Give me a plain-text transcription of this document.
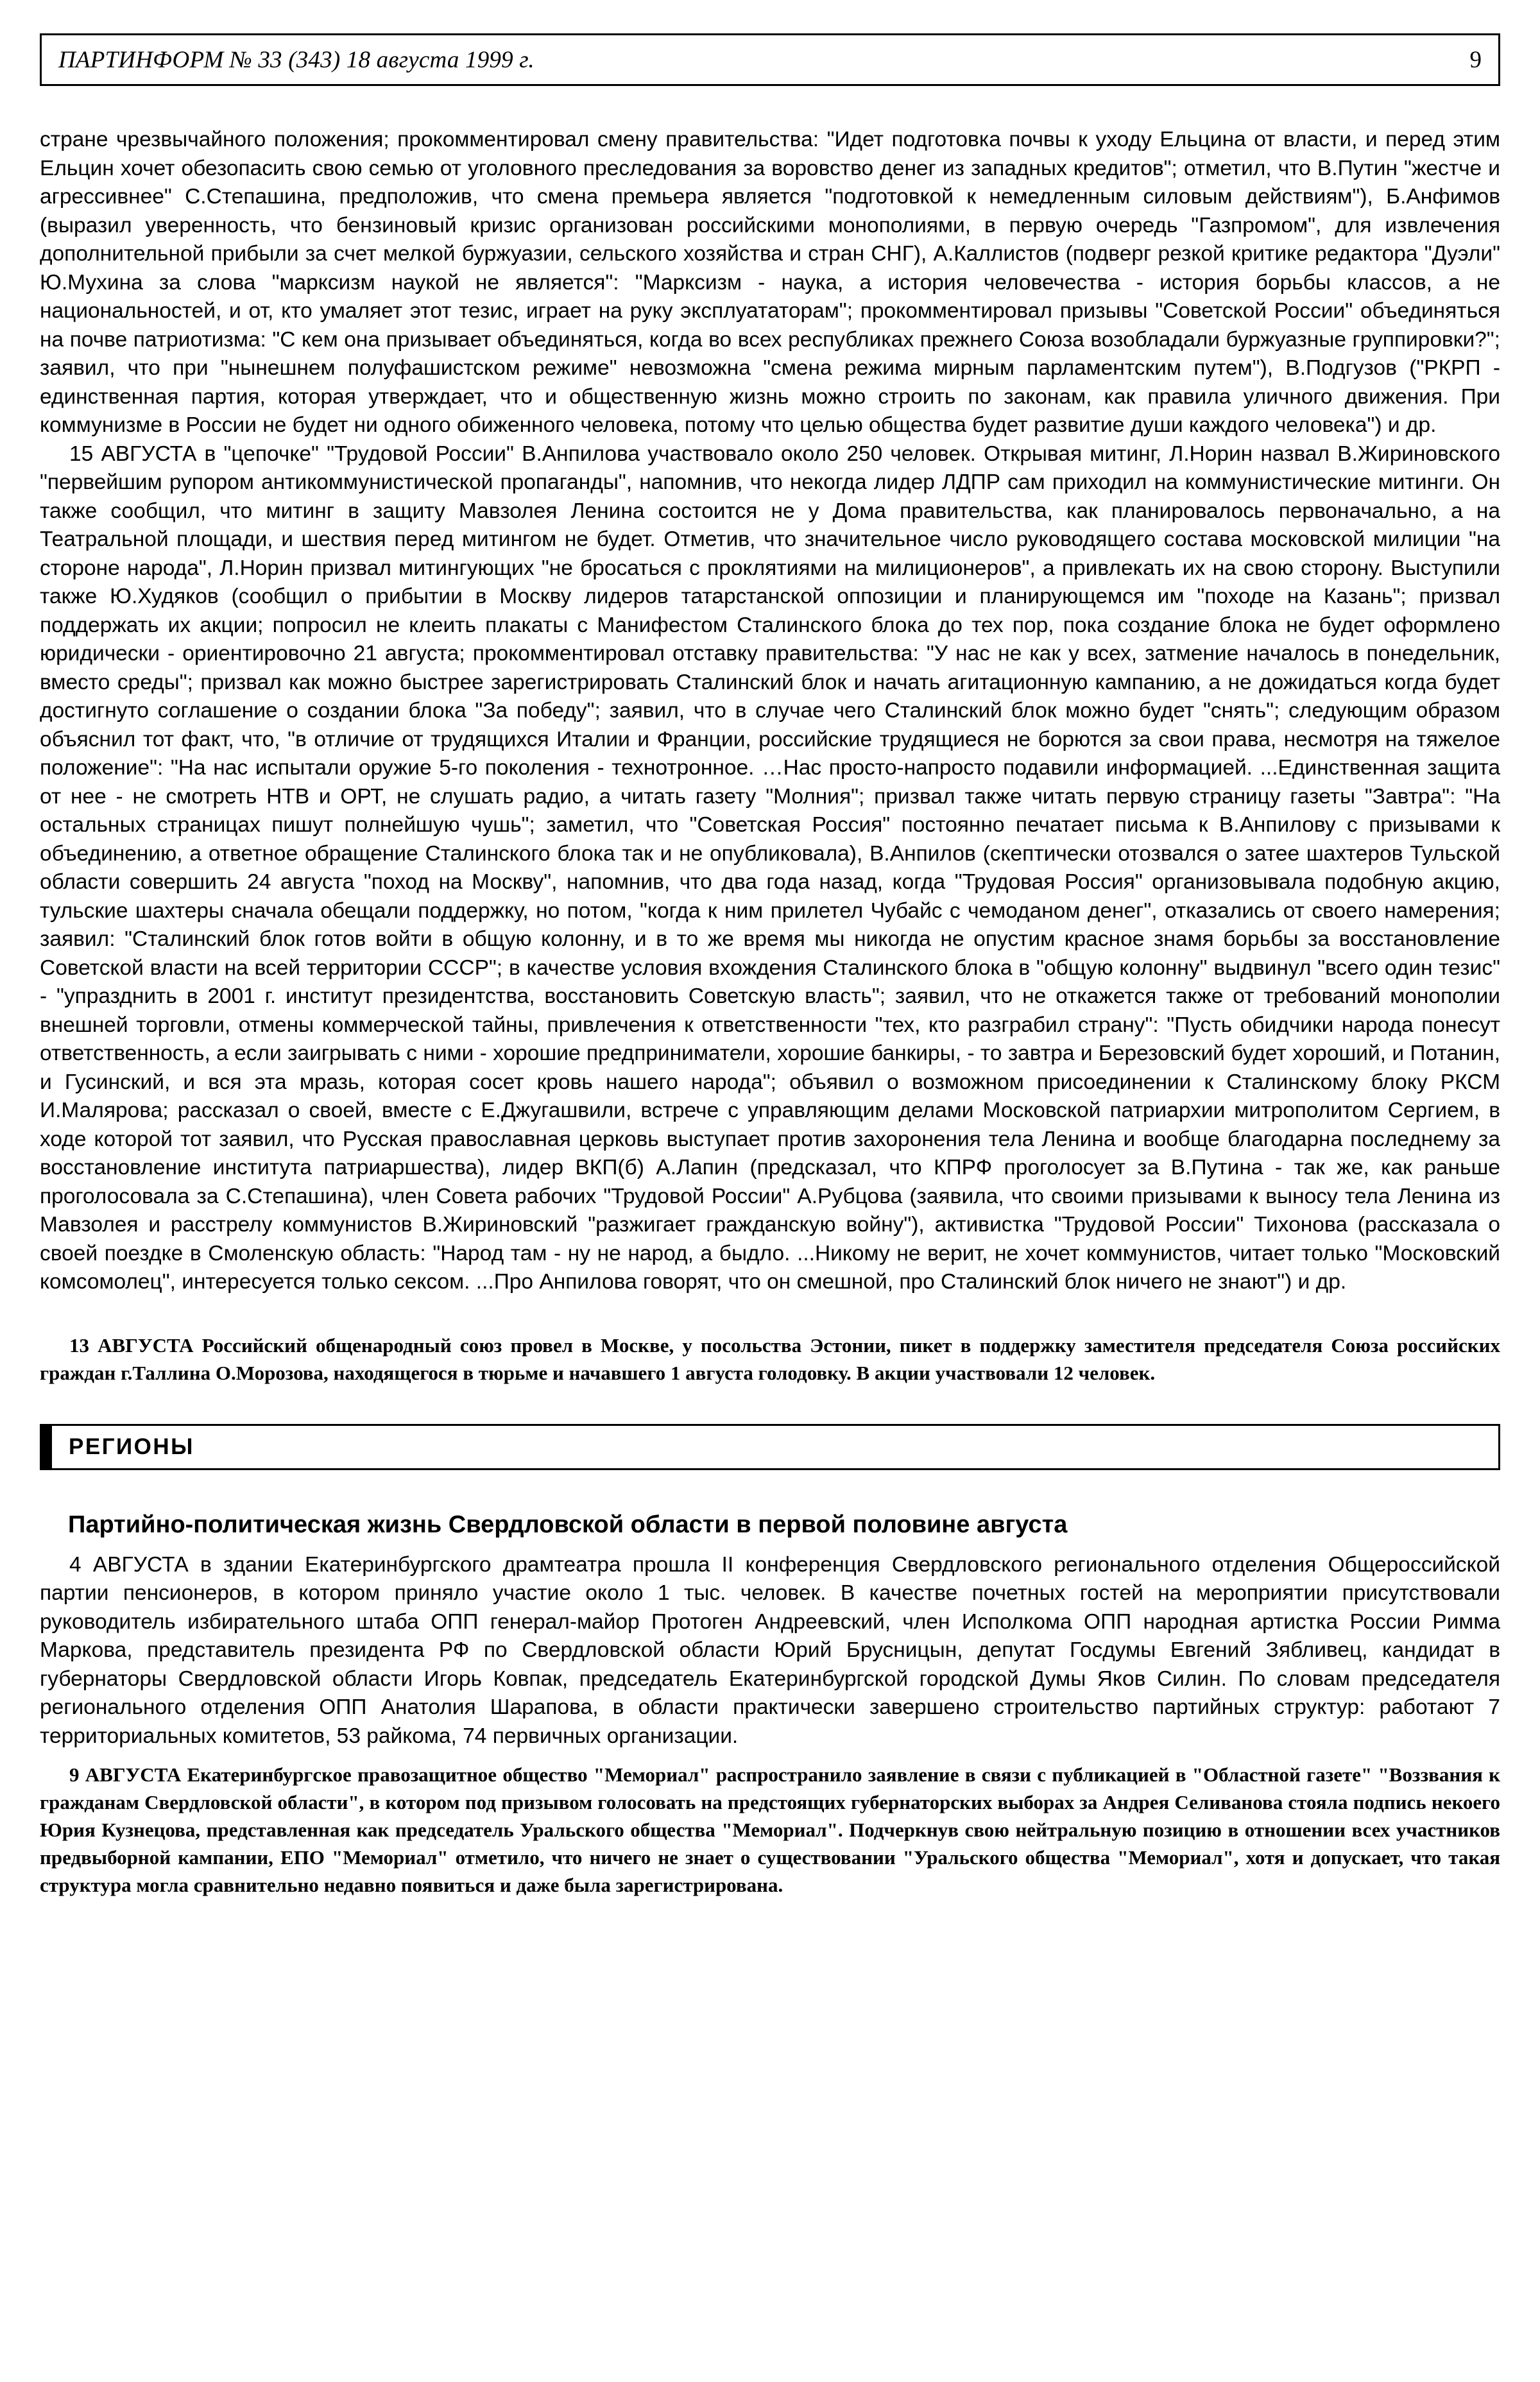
ПАРТИНФОРМ № 33 (343) 18 августа 1999 г.	9

стране чрезвычайного положения; прокомментировал смену правительства: "Идет подготовка почвы к уходу Ельцина от власти, и перед этим Ельцин хочет обезопасить свою семью от уголовного преследования за воровство денег из западных кредитов"; отметил, что В.Путин "жестче и агрессивнее" С.Степашина, предположив, что смена премьера является "подготовкой к немедленным силовым действиям"), Б.Анфимов (выразил уверенность, что бензиновый кризис организован российскими монополиями, в первую очередь "Газпромом", для извлечения дополнительной прибыли за счет мелкой буржуазии, сельского хозяйства и стран СНГ), А.Каллистов (подверг резкой критике редактора "Дуэли" Ю.Мухина за слова "марксизм наукой не является": "Марксизм - наука, а история человечества - история борьбы классов, а не национальностей, и от, кто умаляет этот тезис, играет на руку эксплуататорам"; прокомментировал призывы "Советской России" объединяться на почве патриотизма: "С кем она призывает объединяться, когда во всех республиках прежнего Союза возобладали буржуазные группировки?"; заявил, что при "нынешнем полуфашистском режиме" невозможна "смена режима мирным парламентским путем"), В.Подгузов ("РКРП - единственная партия, которая утверждает, что и общественную жизнь можно строить по законам, как правила уличного движения. При коммунизме в России не будет ни одного обиженного человека, потому что целью общества будет развитие души каждого человека") и др.

15 АВГУСТА в "цепочке" "Трудовой России" В.Анпилова участвовало около 250 человек. Открывая митинг, Л.Норин назвал В.Жириновского "первейшим рупором антикоммунистической пропаганды", напомнив, что некогда лидер ЛДПР сам приходил на коммунистические митинги. Он также сообщил, что митинг в защиту Мавзолея Ленина состоится не у Дома правительства, как планировалось первоначально, а на Театральной площади, и шествия перед митингом не будет. Отметив, что значительное число руководящего состава московской милиции "на стороне народа", Л.Норин призвал митингующих "не бросаться с проклятиями на милиционеров", а привлекать их на свою сторону. Выступили также Ю.Худяков (сообщил о прибытии в Москву лидеров татарстанской оппозиции и планирующемся им "походе на Казань"; призвал поддержать их акции; попросил не клеить плакаты с Манифестом Сталинского блока до тех пор, пока создание блока не будет оформлено юридически - ориентировочно 21 августа; прокомментировал отставку правительства: "У нас не как у всех, затмение началось в понедельник, вместо среды"; призвал как можно быстрее зарегистрировать Сталинский блок и начать агитационную кампанию, а не дожидаться когда будет достигнуто соглашение о создании блока "За победу"; заявил, что в случае чего Сталинский блок можно будет "снять"; следующим образом объяснил тот факт, что, "в отличие от трудящихся Италии и Франции, российские трудящиеся не борются за свои права, несмотря на тяжелое положение": "На нас испытали оружие 5-го поколения - технотронное. …Нас просто-напросто подавили информацией. ...Единственная защита от нее - не смотреть НТВ и ОРТ, не слушать радио, а читать газету "Молния"; призвал также читать первую страницу газеты "Завтра": "На остальных страницах пишут полнейшую чушь"; заметил, что "Советская Россия" постоянно печатает письма к В.Анпилову с призывами к объединению, а ответное обращение Сталинского блока так и не опубликовала), В.Анпилов (скептически отозвался о затее шахтеров Тульской области совершить 24 августа "поход на Москву", напомнив, что два года назад, когда "Трудовая Россия" организовывала подобную акцию, тульские шахтеры сначала обещали поддержку, но потом, "когда к ним прилетел Чубайс с чемоданом денег", отказались от своего намерения; заявил: "Сталинский блок готов войти в общую колонну, и в то же время мы никогда не опустим красное знамя борьбы за восстановление Советской власти на всей территории СССР"; в качестве условия вхождения Сталинского блока в "общую колонну" выдвинул "всего один тезис" - "упразднить в 2001 г. институт президентства, восстановить Советскую власть"; заявил, что не откажется также от требований монополии внешней торговли, отмены коммерческой тайны, привлечения к ответственности "тех, кто разграбил страну": "Пусть обидчики народа понесут ответственность, а если заигрывать с ними - хорошие предприниматели, хорошие банкиры, - то завтра и Березовский будет хороший, и Потанин, и Гусинский, и вся эта мразь, которая сосет кровь нашего народа"; объявил о возможном присоединении к Сталинскому блоку РКСМ И.Малярова; рассказал о своей, вместе с Е.Джугашвили, встрече с управляющим делами Московской патриархии митрополитом Сергием, в ходе которой тот заявил, что Русская православная церковь выступает против захоронения тела Ленина и вообще благодарна последнему за восстановление института патриаршества), лидер ВКП(б) А.Лапин (предсказал, что КПРФ проголосует за В.Путина - так же, как раньше проголосовала за С.Степашина), член Совета рабочих "Трудовой России" А.Рубцова (заявила, что своими призывами к выносу тела Ленина из Мавзолея и расстрелу коммунистов В.Жириновский "разжигает гражданскую войну"), активистка "Трудовой России" Тихонова (рассказала о своей поездке в Смоленскую область: "Народ там - ну не народ, а быдло. ...Никому не верит, не хочет коммунистов, читает только "Московский комсомолец", интересуется только сексом. ...Про Анпилова говорят, что он смешной, про Сталинский блок ничего не знают") и др.

13 АВГУСТА Российский общенародный союз провел в Москве, у посольства Эстонии, пикет в поддержку заместителя председателя Союза российских граждан г.Таллина О.Морозова, находящегося в тюрьме и начавшего 1 августа голодовку. В акции участвовали 12 человек.

РЕГИОНЫ
Партийно-политическая жизнь Свердловской области в первой половине августа

4 АВГУСТА в здании Екатеринбургского драмтеатра прошла II конференция Свердловского регионального отделения Общероссийской партии пенсионеров, в котором приняло участие около 1 тыс. человек. В качестве почетных гостей на мероприятии присутствовали руководитель избирательного штаба ОПП генерал-майор Протоген Андреевский, член Исполкома ОПП народная артистка России Римма Маркова, представитель президента РФ по Свердловской области Юрий Брусницын, депутат Госдумы Евгений Зябливец, кандидат в губернаторы Свердловской области Игорь Ковпак, председатель Екатеринбургской городской Думы Яков Силин. По словам председателя регионального отделения ОПП Анатолия Шарапова, в области практически завершено строительство партийных структур: работают 7 территориальных комитетов, 53 райкома, 74 первичных организации.

9 АВГУСТА Екатеринбургское правозащитное общество "Мемориал" распространило заявление в связи с публикацией в "Областной газете" "Воззвания к гражданам Свердловской области", в котором под призывом голосовать на предстоящих губернаторских выборах за Андрея Селиванова стояла подпись некоего Юрия Кузнецова, представленная как председатель Уральского общества "Мемориал". Подчеркнув свою нейтральную позицию в отношении всех участников предвыборной кампании, ЕПО "Мемориал" отметило, что ничего не знает о существовании "Уральского общества "Мемориал", хотя и допускает, что такая структура могла сравнительно недавно появиться и даже была зарегистрирована.
